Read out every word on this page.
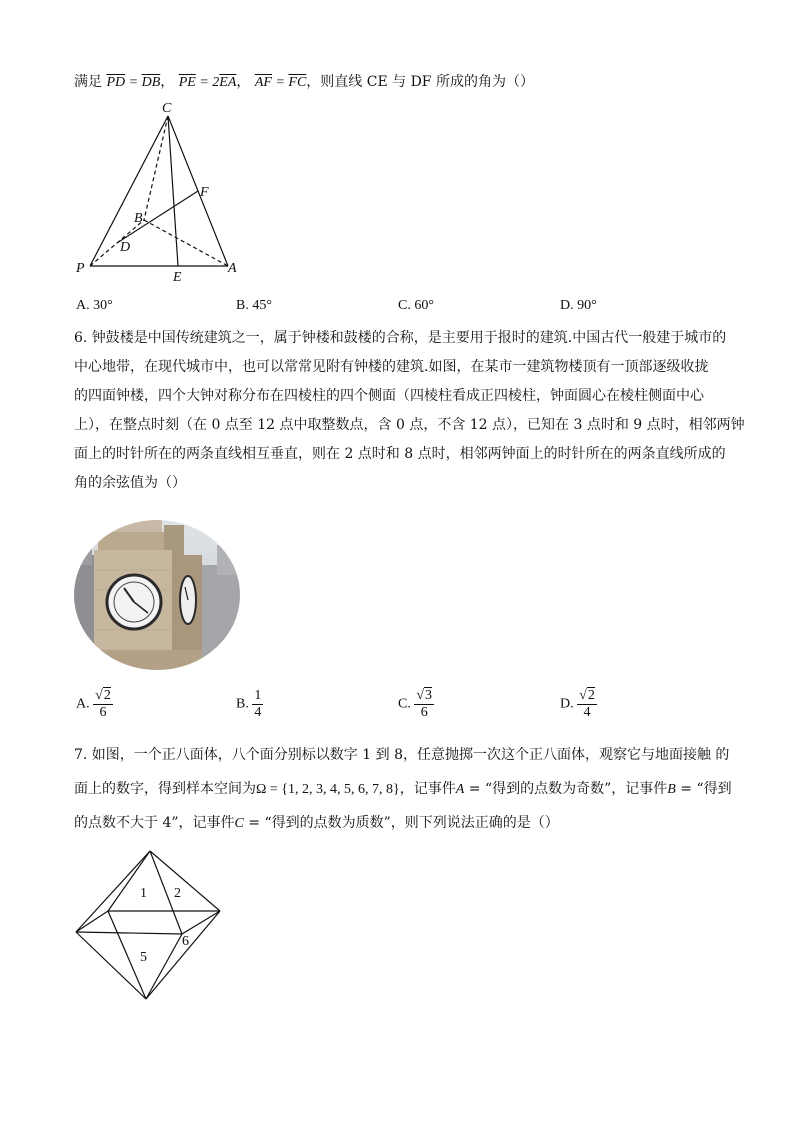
满足 $\overline{PD} = \overline{DB}$， $\overline{PE} = 2\overline{EA}$， $\overline{AF} = \overline{FC}$，则直线 CE 与 DF 所成的角为（）
C
F
B
D
P
E
A
A. 30°	B. 45°	C. 60°	D. 90°
6. 钟鼓楼是中国传统建筑之一，属于钟楼和鼓楼的合称，是主要用于报时的建筑.中国古代一般建于城市的
中心地带，在现代城市中，也可以常常见附有钟楼的建筑.如图，在某市一建筑物楼顶有一顶部逐级收拢
的四面钟楼，四个大钟对称分布在四棱柱的四个侧面（四棱柱看成正四棱柱，钟面圆心在棱柱侧面中心
上），在整点时刻（在 0 点至 12 点中取整数点，含 0 点，不含 12 点），已知在 3 点时和 9 点时，相邻两钟
面上的时针所在的两条直线相互垂直，则在 2 点时和 8 点时，相邻两钟面上的时针所在的两条直线所成的
角的余弦值为（）
A. $\frac{√2}{6}$	B. $\frac{1}{4}$	C. $\frac{√3}{6}$	D. $\frac{√2}{4}$
7. 如图，一个正八面体，八个面分别标以数字 1 到 8，任意抛掷一次这个正八面体，观察它与地面接触 的
面上的数字，得到样本空间为Ω = {1, 2, 3, 4, 5, 6, 7, 8}，记事件A = “得到的点数为奇数”，记事件B = “得到
的点数不大于 4”，记事件C = “得到的点数为质数”，则下列说法正确的是（）
1 2
5
6
